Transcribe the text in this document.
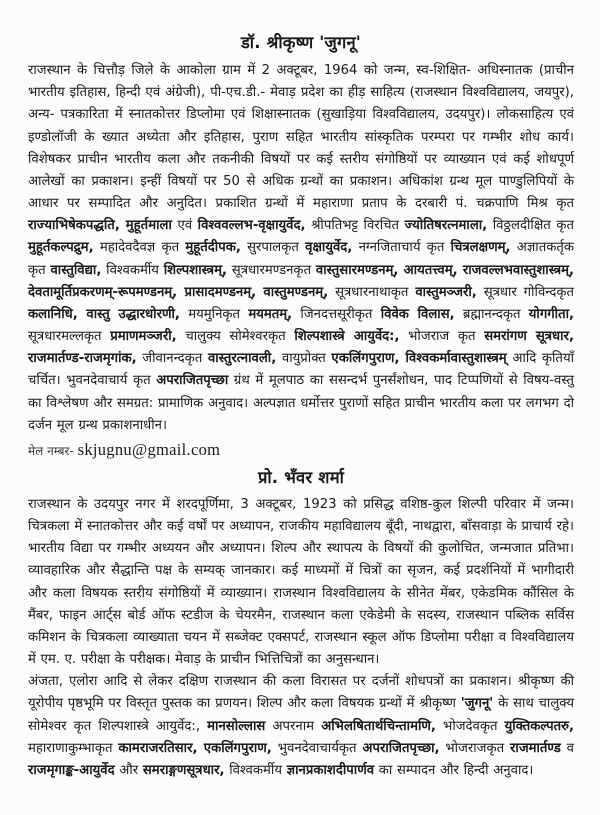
डॉ. श्रीकृष्ण 'जुगनू'

राजस्थान के चित्तौड़ जिले के आकोला ग्राम में 2 अक्टूबर, 1964 को जन्म, स्व-शिक्षित- अधिस्नातक (प्राचीन भारतीय इतिहास, हिन्दी एवं अंग्रेजी), पी-एच.डी.- मेवाड़ प्रदेश का हीड़ साहित्य (राजस्थान विश्वविद्यालय, जयपुर), अन्य- पत्रकारिता में स्नातकोत्तर डिप्लोमा एवं शिक्षास्नातक (सुखाड़िया विश्वविद्यालय, उदयपुर)। लोकसाहित्य एवं इण्डोलॉजी के ख्यात अध्येता और इतिहास, पुराण सहित भारतीय सांस्कृतिक परम्परा पर गम्भीर शोध कार्य। विशेषकर प्राचीन भारतीय कला और तकनीकी विषयों पर कई स्तरीय संगोष्ठियों पर व्याख्यान एवं कई शोधपूर्ण आलेखों का प्रकाशन। इन्हीं विषयों पर 50 से अधिक ग्रन्थों का प्रकाशन। अधिकांश ग्रन्थ मूल पाण्डुलिपियों के आधार पर सम्पादित और अनुदित। प्रकाशित ग्रन्थों में महाराणा प्रताप के दरबारी पं. चक्रपाणि मिश्र कृत राज्याभिषेकपद्धति, मुहूर्तमाला एवं विश्ववल्लभ-वृक्षायुर्वेद, श्रीपतिभट्ट विरचित ज्योतिषरत्नमाला, विठ्ठलदीक्षित कृत मुहूर्तकल्पद्रुम, महादेवदैवज्ञ कृत मुहूर्तदीपक, सुरपालकृत वृक्षायुर्वेद, नग्नजिताचार्य कृत चित्रलक्षणम्, अज्ञातकर्तृक कृत वास्तुविद्या, विश्वकर्मीय शिल्पशास्त्रम्, सूत्रधारमण्डनकृत वास्तुसारमण्डनम्, आयतत्त्वम्, राजवल्लभवास्तुशास्त्रम्, देवतामूर्तिप्रकरणम्-रूपमण्डनम्, प्रासादमण्डनम्, वास्तुमण्डनम्, सूत्रधारनाथाकृत वास्तुमञ्जरी, सूत्रधार गोविन्दकृत कलानिधि, वास्तु उद्धारधोरणी, मयमुनिकृत मयमतम्, जिनदत्तसूरीकृत विवेक विलास, ब्रह्मानन्दकृत योगगीता, सूत्रधारमल्लकृत प्रमाणमञ्जरी, चालुक्य सोमेश्वरकृत शिल्पशास्त्रे आयुर्वेद:, भोजराज कृत समरांगण सूत्रधार, राजमार्तण्ड-राजमृगांक, जीवानन्दकृत वास्तुरत्नावली, वायुप्रोक्त एकलिंगपुराण, विश्वकर्मावास्तुशास्त्रम् आदि कृतियाँ चर्चित। भुवनदेवाचार्य कृत अपराजितपृच्छा ग्रंथ में मूलपाठ का ससन्दर्भ पुनर्संशोधन, पाद टिप्पणियों से विषय-वस्तु का विश्लेषण और समग्रत: प्रामाणिक अनुवाद। अल्पज्ञात धर्मोत्तर पुराणों सहित प्राचीन भारतीय कला पर लगभग दो दर्जन मूल ग्रन्थ प्रकाशनाधीन।

मेल नम्बर- skjugnu@gmail.com

प्रो. भँवर शर्मा

राजस्थान के उदयपुर नगर में शरदपूर्णिमा, 3 अक्टूबर, 1923 को प्रसिद्ध वशिष्ठ-कुल शिल्पी परिवार में जन्म। चित्रकला में स्नातकोत्तर और कई वर्षों पर अध्यापन, राजकीय महाविद्यालय बूँदी, नाथद्वारा, बाँसवाड़ा के प्राचार्य रहे। भारतीय विद्या पर गम्भीर अध्ययन और अध्यापन। शिल्प और स्थापत्य के विषयों की कुलोचित, जन्मजात प्रतिभा। व्यावहारिक और सैद्धान्ति पक्ष के सम्यक् जानकार। कई माध्यमों में चित्रों का सृजन, कई प्रदर्शनियों में भागीदारी और कला विषयक स्तरीय संगोष्ठियों में व्याख्यान। राजस्थान विश्वविद्यालय के सीनेत मेंबर, एकेडमिक कौंसिल के मैंबर, फाइन आर्ट्स बोर्ड ऑफ स्टडीज के चेयरमैन, राजस्थान कला एकेडेमी के सदस्य, राजस्थान पब्लिक सर्विस कमिशन के चित्रकला व्याख्याता चयन में सब्जेक्ट एक्सपर्ट, राजस्थान स्कूल ऑफ डिप्लोमा परीक्षा व विश्वविद्यालय में एम. ए. परीक्षा के परीक्षक। मेवाड़ के प्राचीन भित्तिचित्रों का अनुसन्धान।

अंजता, एलोरा आदि से लेकर दक्षिण राजस्थान की कला विरासत पर दर्जनों शोधपत्रों का प्रकाशन। श्रीकृष्ण की यूरोपीय पृष्ठभूमि पर विस्तृत पुस्तक का प्रणयन। शिल्प और कला विषयक ग्रन्थों में श्रीकृष्ण 'जुगनू' के साथ चालुक्य सोमेश्वर कृत शिल्पशास्त्रे आयुर्वेद:, मानसोल्लास अपरनाम अभिलषितार्थचिन्तामणि, भोजदेवकृत युक्तिकल्पतरु, महाराणाकुम्भाकृत कामराजरतिसार, एकलिंगपुराण, भुवनदेवाचार्यकृत अपराजितपृच्छा, भोजराजकृत राजमार्तण्ड व राजमृगाङ्क-आयुर्वेद और समराङ्गणसूत्रधार, विश्वकर्मीय ज्ञानप्रकाशदीपार्णव का सम्पादन और हिन्दी अनुवाद।
